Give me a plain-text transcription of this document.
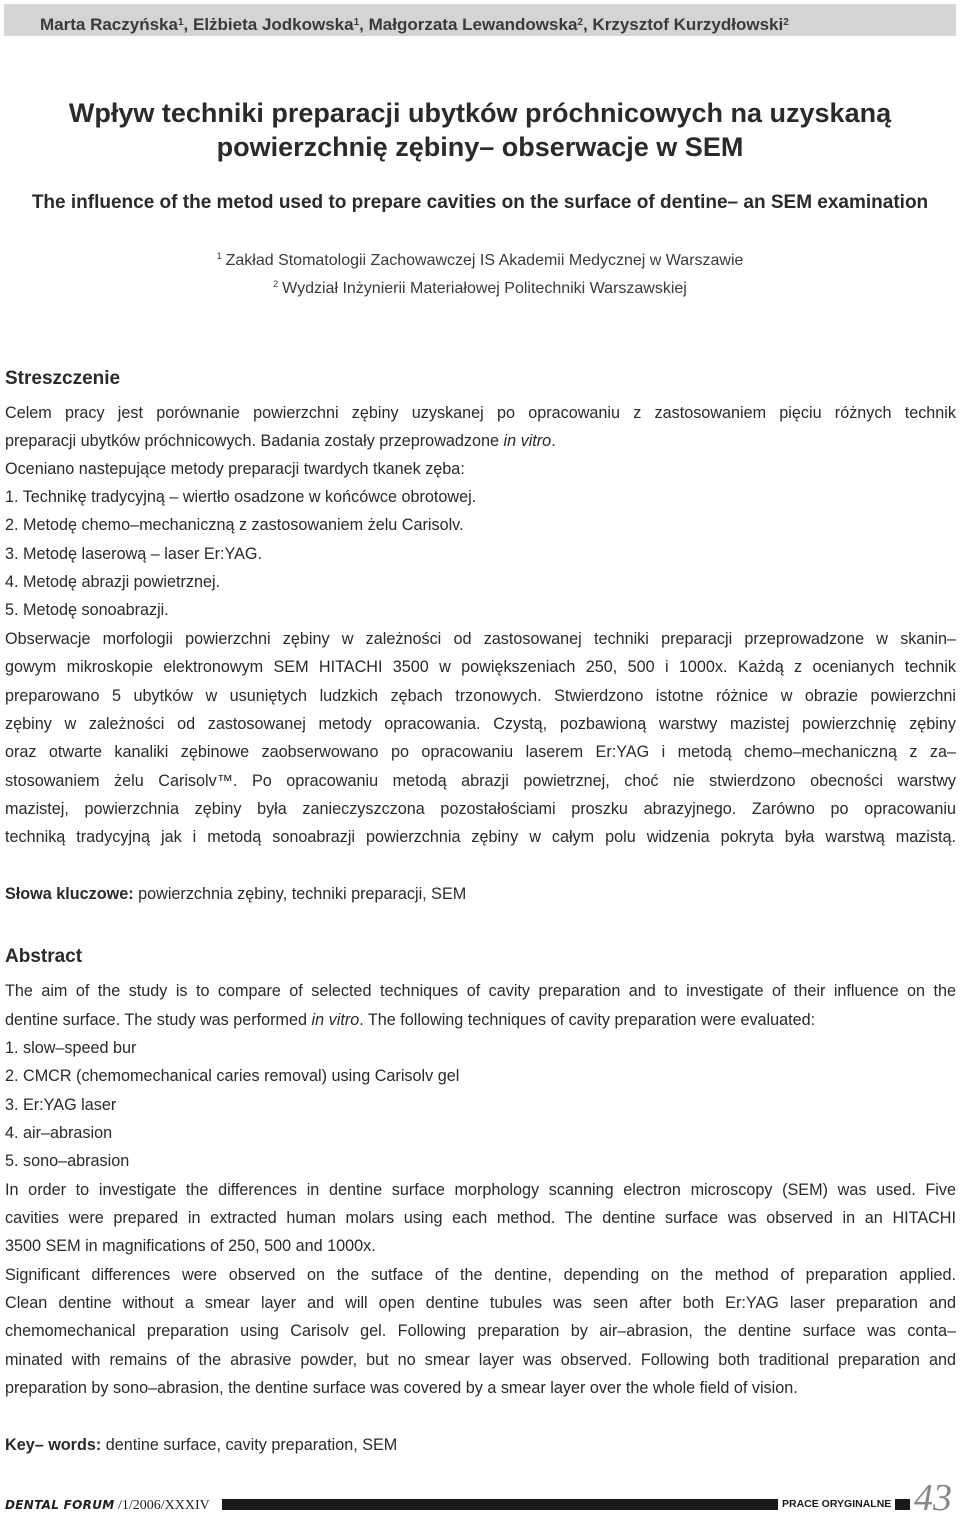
Marta Raczyńska$^1$, Elżbieta Jodkowska$^1$, Małgorzata Lewandowska$^2$, Krzysztof Kurzydłowski$^2$
Wpływ techniki preparacji ubytków próchnicowych na uzyskaną
powierzchnię zębiny– obserwacje w SEM
The influence of the metod used to prepare cavities on the surface of dentine– an SEM examination
$^1$ Zakład Stomatologii Zachowawczej IS Akademii Medycznej w Warszawie
$^2$ Wydział Inżynierii Materiałowej Politechniki Warszawskiej
Streszczenie
Celem pracy jest porównanie powierzchni zębiny uzyskanej po opracowaniu z zastosowaniem pięciu różnych technik
preparacji ubytków próchnicowych. Badania zostały przeprowadzone in vitro.
Oceniano nastepujące metody preparacji twardych tkanek zęba:
1. Technikę tradycyjną – wiertło osadzone w końcówce obrotowej.
2. Metodę chemo–mechaniczną z zastosowaniem żelu Carisolv.
3. Metodę laserową – laser Er:YAG.
4. Metodę abrazji powietrznej.
5. Metodę sonoabrazji.
Obserwacje morfologii powierzchni zębiny w zależności od zastosowanej techniki preparacji przeprowadzone w skanin–
gowym mikroskopie elektronowym SEM HITACHI 3500 w powiększeniach 250, 500 i 1000x. Każdą z ocenianych technik
preparowano 5 ubytków w usuniętych ludzkich zębach trzonowych. Stwierdzono istotne różnice w obrazie powierzchni
zębiny w zależności od zastosowanej metody opracowania. Czystą, pozbawioną warstwy mazistej powierzchnię zębiny
oraz otwarte kanaliki zębinowe zaobserwowano po opracowaniu laserem Er:YAG i metodą chemo–mechaniczną z za–
stosowaniem żelu Carisolv™. Po opracowaniu metodą abrazji powietrznej, choć nie stwierdzono obecności warstwy
mazistej, powierzchnia zębiny była zanieczyszczona pozostałościami proszku abrazyjnego. Zarówno po opracowaniu
techniką tradycyjną jak i metodą sonoabrazji powierzchnia zębiny w całym polu widzenia pokryta była warstwą mazistą.
Słowa kluczowe: powierzchnia zębiny, techniki preparacji, SEM
Abstract
The aim of the study is to compare of selected techniques of cavity preparation and to investigate of their influence on the
dentine surface. The study was performed in vitro. The following techniques of cavity preparation were evaluated:
1. slow–speed bur
2. CMCR (chemomechanical caries removal) using Carisolv gel
3. Er:YAG laser
4. air–abrasion
5. sono–abrasion
In order to investigate the differences in dentine surface morphology scanning electron microscopy (SEM) was used. Five
cavities were prepared in extracted human molars using each method. The dentine surface was observed in an HITACHI
3500 SEM in magnifications of 250, 500 and 1000x.
Significant differences were observed on the sutface of the dentine, depending on the method of preparation applied.
Clean dentine without a smear layer and will open dentine tubules was seen after both Er:YAG laser preparation and
chemomechanical preparation using Carisolv gel. Following preparation by air–abrasion, the dentine surface was conta–
minated with remains of the abrasive powder, but no smear layer was observed. Following both traditional preparation and
preparation by sono–abrasion, the dentine surface was covered by a smear layer over the whole field of vision.
Key– words: dentine surface, cavity preparation, SEM
DENTAL FORUM /1/2006/XXXIV	PRACE ORYGINALNE 43
